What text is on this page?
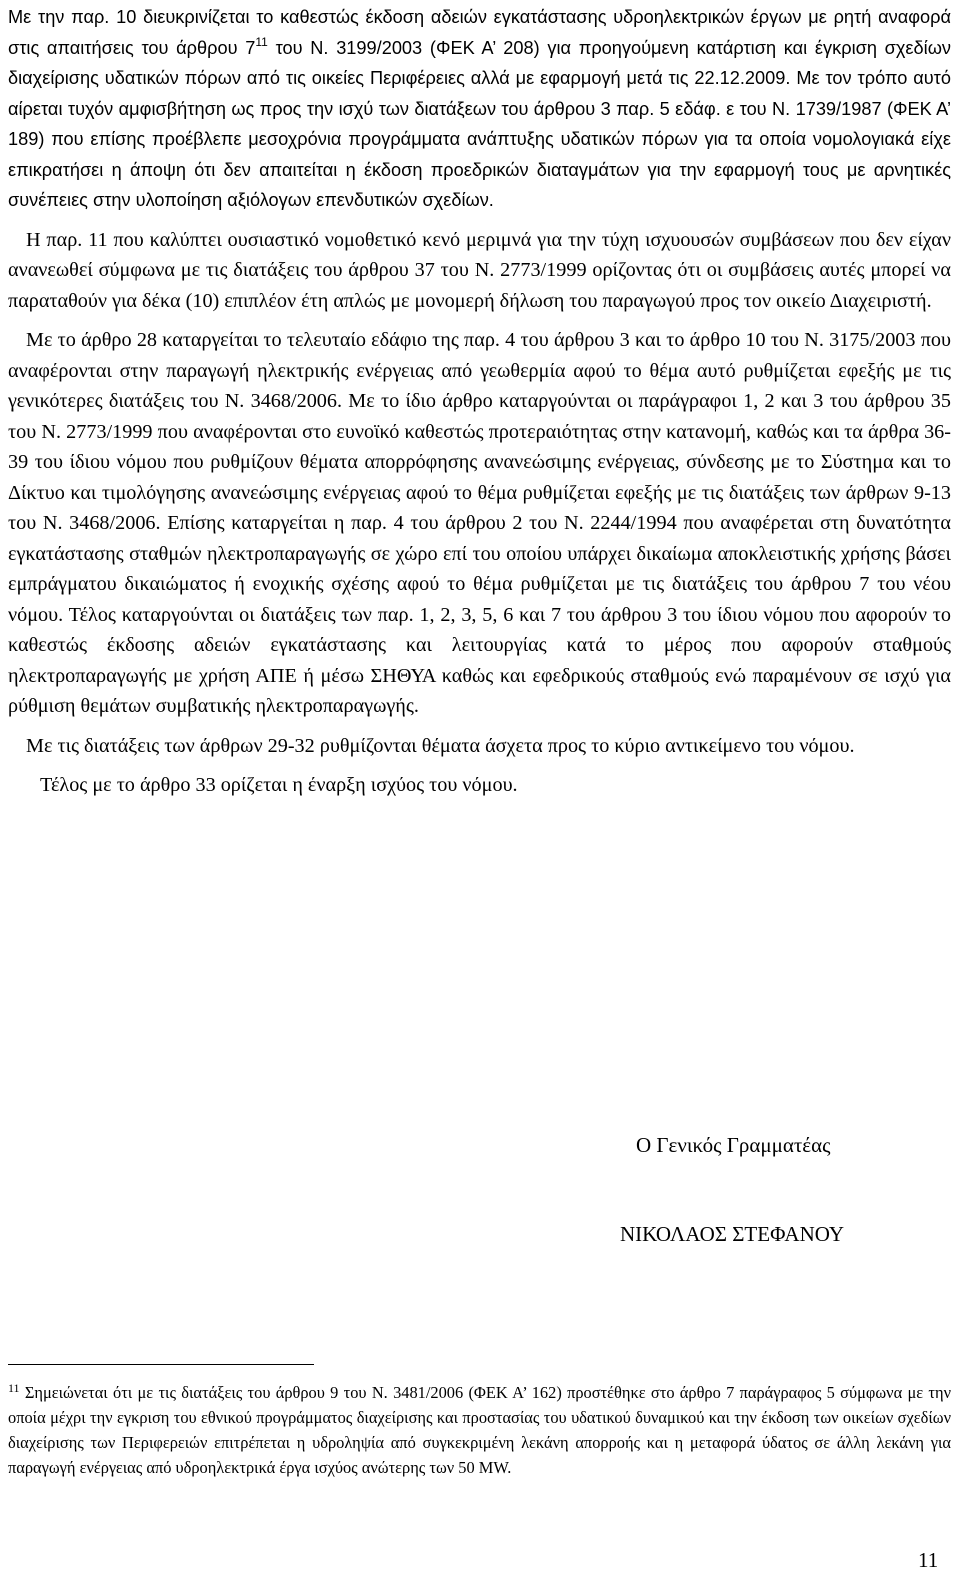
Με την παρ. 10 διευκρινίζεται το καθεστώς έκδοση αδειών εγκατάστασης υδροηλεκτρικών έργων με ρητή αναφορά στις απαιτήσεις του άρθρου $7^{11}$ του Ν. 3199/2003 (ΦΕΚ Α’ 208) για προηγούμενη κατάρτιση και έγκριση σχεδίων διαχείρισης υδατικών πόρων από τις οικείες Περιφέρειες αλλά με εφαρμογή μετά τις 22.12.2009. Με τον τρόπο αυτό αίρεται τυχόν αμφισβήτηση ως προς την ισχύ των διατάξεων του άρθρου 3 παρ. 5 εδάφ. ε του Ν. 1739/1987 (ΦΕΚ Α’ 189) που επίσης προέβλεπε μεσοχρόνια προγράμματα ανάπτυξης υδατικών πόρων για τα οποία νομολογιακά είχε επικρατήσει η άποψη ότι δεν απαιτείται η έκδοση προεδρικών διαταγμάτων για την εφαρμογή τους με αρνητικές συνέπειες στην υλοποίηση αξιόλογων επενδυτικών σχεδίων.

Η παρ. 11 που καλύπτει ουσιαστικό νομοθετικό κενό μεριμνά για την τύχη ισχυουσών συμβάσεων που δεν είχαν ανανεωθεί σύμφωνα με τις διατάξεις του άρθρου 37 του Ν. 2773/1999 ορίζοντας ότι οι συμβάσεις αυτές μπορεί να παραταθούν για δέκα (10) επιπλέον έτη απλώς με μονομερή δήλωση του παραγωγού προς τον οικείο Διαχειριστή.

Με το άρθρο 28 καταργείται το τελευταίο εδάφιο της παρ. 4 του άρθρου 3 και το άρθρο 10 του Ν. 3175/2003 που αναφέρονται στην παραγωγή ηλεκτρικής ενέργειας από γεωθερμία αφού το θέμα αυτό ρυθμίζεται εφεξής με τις γενικότερες διατάξεις του Ν. 3468/2006. Με το ίδιο άρθρο καταργούνται οι παράγραφοι 1, 2 και 3 του άρθρου 35 του Ν. 2773/1999 που αναφέρονται στο ευνοϊκό καθεστώς προτεραιότητας στην κατανομή, καθώς και τα άρθρα 36-39 του ίδιου νόμου που ρυθμίζουν θέματα απορρόφησης ανανεώσιμης ενέργειας, σύνδεσης με το Σύστημα και το Δίκτυο και τιμολόγησης ανανεώσιμης ενέργειας αφού το θέμα ρυθμίζεται εφεξής με τις διατάξεις των άρθρων 9-13 του Ν. 3468/2006. Επίσης καταργείται η παρ. 4 του άρθρου 2 του Ν. 2244/1994 που αναφέρεται στη δυνατότητα εγκατάστασης σταθμών ηλεκτροπαραγωγής σε χώρο επί του οποίου υπάρχει δικαίωμα αποκλειστικής χρήσης βάσει εμπράγματου δικαιώματος ή ενοχικής σχέσης αφού το θέμα ρυθμίζεται με τις διατάξεις του άρθρου 7 του νέου νόμου. Τέλος καταργούνται οι διατάξεις των παρ. 1, 2, 3, 5, 6 και 7 του άρθρου 3 του ίδιου νόμου που αφορούν το καθεστώς έκδοσης αδειών εγκατάστασης και λειτουργίας κατά το μέρος που αφορούν σταθμούς ηλεκτροπαραγωγής με χρήση ΑΠΕ ή μέσω ΣΗΘΥΑ καθώς και εφεδρικούς σταθμούς ενώ παραμένουν σε ισχύ για ρύθμιση θεμάτων συμβατικής ηλεκτροπαραγωγής.

Με τις διατάξεις των άρθρων 29-32 ρυθμίζονται θέματα άσχετα προς το κύριο αντικείμενο του νόμου.

Τέλος με το άρθρο 33 ορίζεται η έναρξη ισχύος του νόμου.

Ο Γενικός Γραμματέας
ΝΙΚΟΛΑΟΣ ΣΤΕΦΑΝΟΥ

$^{11}$ Σημειώνεται ότι με τις διατάξεις του άρθρου 9 του Ν. 3481/2006 (ΦΕΚ Α’ 162) προστέθηκε στο άρθρο 7 παράγραφος 5 σύμφωνα με την οποία μέχρι την εγκριση του εθνικού προγράμματος διαχείρισης και προστασίας του υδατικού δυναμικού και την έκδοση των οικείων σχεδίων διαχείρισης των Περιφερειών επιτρέπεται η υδροληψία από συγκεκριμένη λεκάνη απορροής και η μεταφορά ύδατος σε άλλη λεκάνη για παραγωγή ενέργειας από υδροηλεκτρικά έργα ισχύος ανώτερης των 50 MW.

11
